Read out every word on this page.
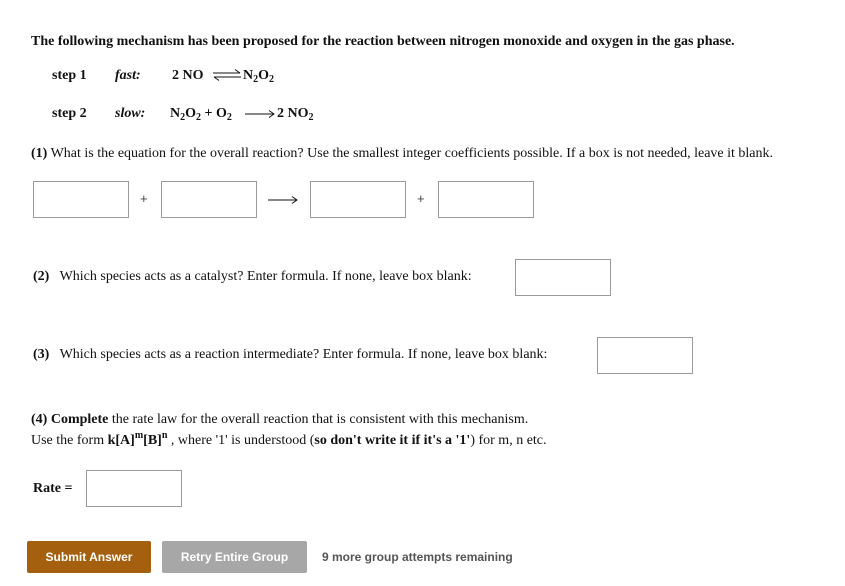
The following mechanism has been proposed for the reaction between nitrogen monoxide and oxygen in the gas phase.
step 1 fast: 2 NO ⇌ $N_2O_2$
step 2 slow: $N_2O_2 + O_2 \to 2$ $NO_2$
(1) What is the equation for the overall reaction? Use the smallest integer coefficients possible. If a box is not needed, leave it blank.
+	+
(2) Which species acts as a catalyst? Enter formula. If none, leave box blank:
(3) Which species acts as a reaction intermediate? Enter formula. If none, leave box blank:
(4) Complete the rate law for the overall reaction that is consistent with this mechanism.
Use the form $k[A]^m[B]^n$ , where '1' is understood (so don't write it if it's a '1') for m, n etc.
Rate =
Submit Answer	Retry Entire Group	9 more group attempts remaining
